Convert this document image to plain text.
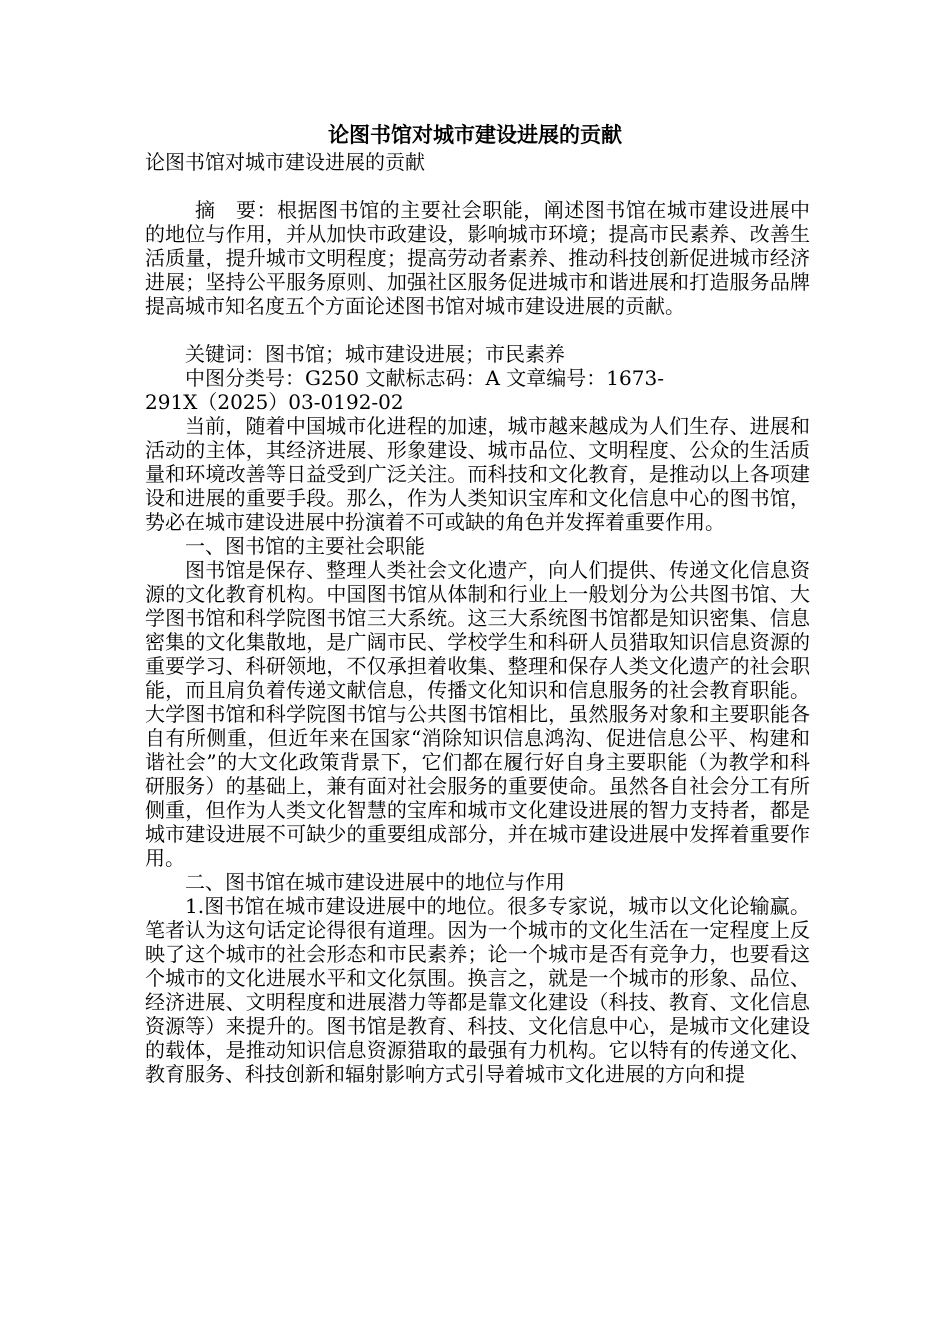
论图书馆对城市建设进展的贡献

论图书馆对城市建设进展的贡献

摘　要：根据图书馆的主要社会职能，阐述图书馆在城市建设进展中的地位与作用，并从加快市政建设，影响城市环境；提高市民素养、改善生活质量，提升城市文明程度；提高劳动者素养、推动科技创新促进城市经济进展；坚持公平服务原则、加强社区服务促进城市和谐进展和打造服务品牌提高城市知名度五个方面论述图书馆对城市建设进展的贡献。

关键词：图书馆；城市建设进展；市民素养

中图分类号：G250 文献标志码：A 文章编号：1673-

291X（2025）03-0192-02

当前，随着中国城市化进程的加速，城市越来越成为人们生存、进展和活动的主体，其经济进展、形象建设、城市品位、文明程度、公众的生活质量和环境改善等日益受到广泛关注。而科技和文化教育，是推动以上各项建设和进展的重要手段。那么，作为人类知识宝库和文化信息中心的图书馆，势必在城市建设进展中扮演着不可或缺的角色并发挥着重要作用。

一、图书馆的主要社会职能

图书馆是保存、整理人类社会文化遗产，向人们提供、传递文化信息资源的文化教育机构。中国图书馆从体制和行业上一般划分为公共图书馆、大学图书馆和科学院图书馆三大系统。这三大系统图书馆都是知识密集、信息密集的文化集散地，是广阔市民、学校学生和科研人员猎取知识信息资源的重要学习、科研领地，不仅承担着收集、整理和保存人类文化遗产的社会职能，而且肩负着传递文献信息，传播文化知识和信息服务的社会教育职能。大学图书馆和科学院图书馆与公共图书馆相比，虽然服务对象和主要职能各自有所侧重，但近年来在国家“消除知识信息鸿沟、促进信息公平、构建和谐社会”的大文化政策背景下，它们都在履行好自身主要职能（为教学和科研服务）的基础上，兼有面对社会服务的重要使命。虽然各自社会分工有所侧重，但作为人类文化智慧的宝库和城市文化建设进展的智力支持者，都是城市建设进展不可缺少的重要组成部分，并在城市建设进展中发挥着重要作用。

二、图书馆在城市建设进展中的地位与作用

1.图书馆在城市建设进展中的地位。很多专家说，城市以文化论输赢。笔者认为这句话定论得很有道理。因为一个城市的文化生活在一定程度上反映了这个城市的社会形态和市民素养；论一个城市是否有竞争力，也要看这个城市的文化进展水平和文化氛围。换言之，就是一个城市的形象、品位、经济进展、文明程度和进展潜力等都是靠文化建设（科技、教育、文化信息资源等）来提升的。图书馆是教育、科技、文化信息中心，是城市文化建设的载体，是推动知识信息资源猎取的最强有力机构。它以特有的传递文化、教育服务、科技创新和辐射影响方式引导着城市文化进展的方向和提
